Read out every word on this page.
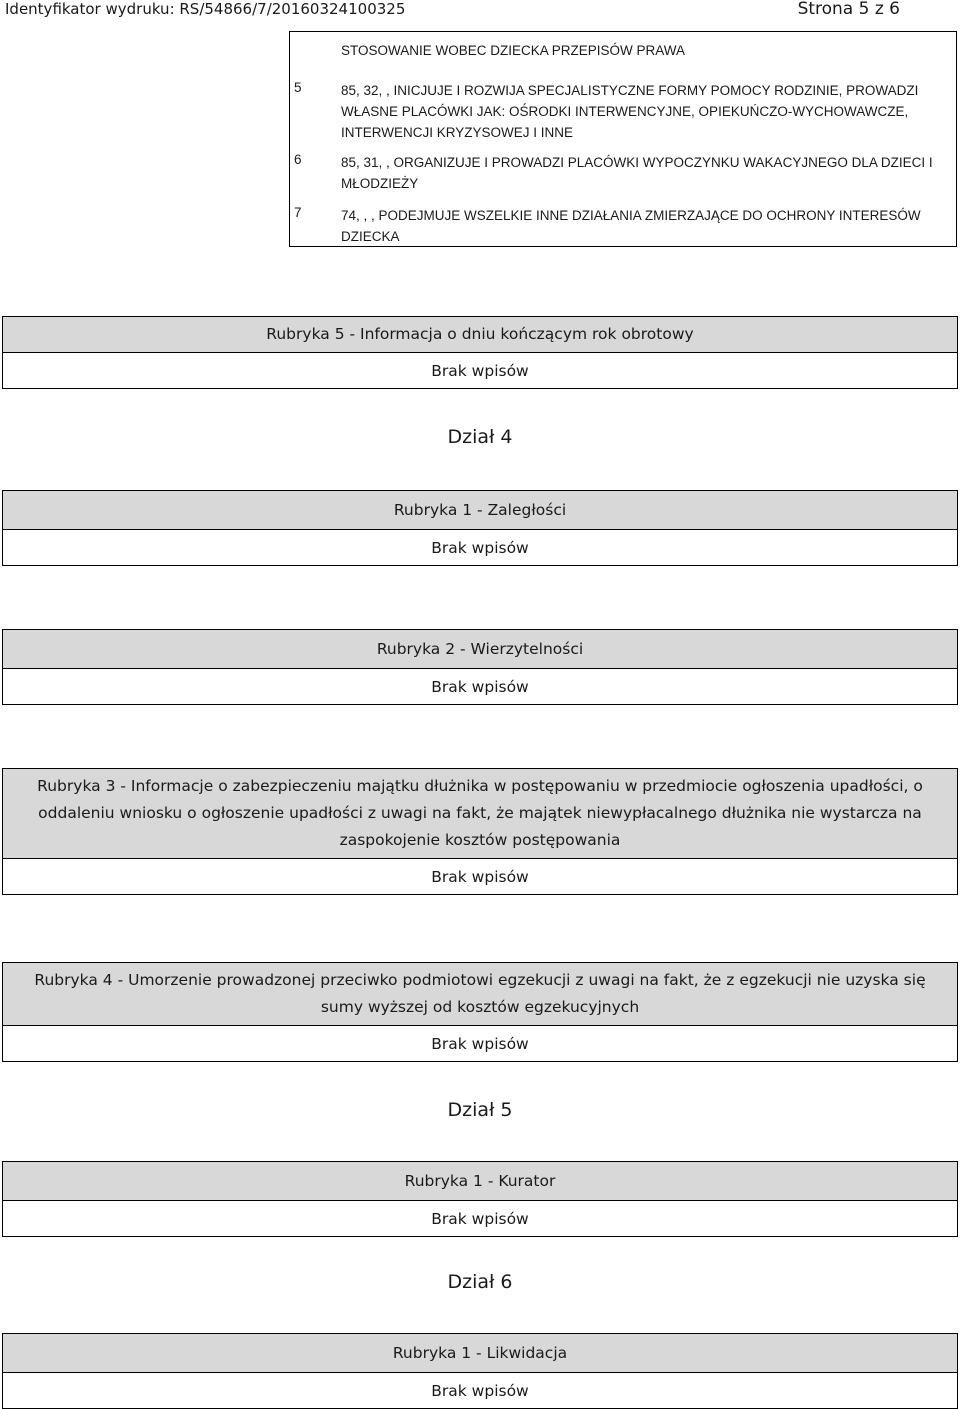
Identyfikator wydruku: RS/54866/7/20160324100325	Strona 5 z 6
STOSOWANIE WOBEC DZIECKA PRZEPISÓW PRAWA
5	85, 32, , INICJUJE I ROZWIJA SPECJALISTYCZNE FORMY POMOCY RODZINIE, PROWADZI WŁASNE PLACÓWKI JAK: OŚRODKI INTERWENCYJNE, OPIEKUŃCZO-WYCHOWAWCZE, INTERWENCJI KRYZYSOWEJ I INNE
6	85, 31, , ORGANIZUJE I PROWADZI PLACÓWKI WYPOCZYNKU WAKACYJNEGO DLA DZIECI I MŁODZIEŻY
7	74, , , PODEJMUJE WSZELKIE INNE DZIAŁANIA ZMIERZAJĄCE DO OCHRONY INTERESÓW DZIECKA
Rubryka 5 - Informacja o dniu kończącym rok obrotowy
Brak wpisów
Dział 4
Rubryka 1 - Zaległości
Brak wpisów
Rubryka 2 - Wierzytelności
Brak wpisów
Rubryka 3 - Informacje o zabezpieczeniu majątku dłużnika w postępowaniu w przedmiocie ogłoszenia upadłości, o oddaleniu wniosku o ogłoszenie upadłości z uwagi na fakt, że majątek niewypłacalnego dłużnika nie wystarcza na zaspokojenie kosztów postępowania
Brak wpisów
Rubryka 4 - Umorzenie prowadzonej przeciwko podmiotowi egzekucji z uwagi na fakt, że z egzekucji nie uzyska się sumy wyższej od kosztów egzekucyjnych
Brak wpisów
Dział 5
Rubryka 1 - Kurator
Brak wpisów
Dział 6
Rubryka 1 - Likwidacja
Brak wpisów
